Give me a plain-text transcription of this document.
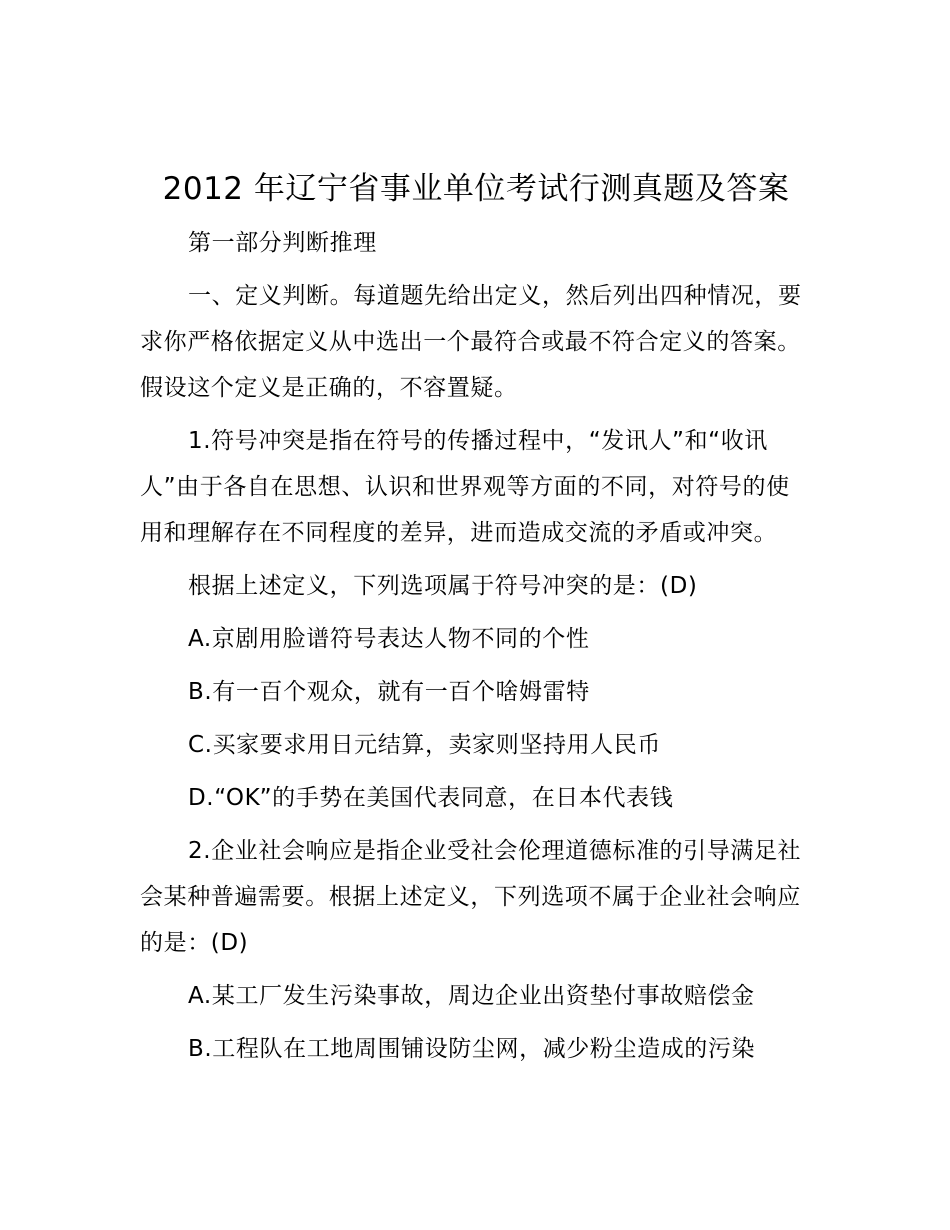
2012 年辽宁省事业单位考试行测真题及答案

第一部分判断推理

一、定义判断。每道题先给出定义，然后列出四种情况，要求你严格依据定义从中选出一个最符合或最不符合定义的答案。假设这个定义是正确的，不容置疑。

1.符号冲突是指在符号的传播过程中，“发讯人”和“收讯人”由于各自在思想、认识和世界观等方面的不同，对符号的使用和理解存在不同程度的差异，进而造成交流的矛盾或冲突。

根据上述定义，下列选项属于符号冲突的是：(D)

A.京剧用脸谱符号表达人物不同的个性

B.有一百个观众，就有一百个啥姆雷特

C.买家要求用日元结算，卖家则坚持用人民币

D.“OK”的手势在美国代表同意，在日本代表钱

2.企业社会响应是指企业受社会伦理道德标准的引导满足社会某种普遍需要。根据上述定义，下列选项不属于企业社会响应的是：(D)

A.某工厂发生污染事故，周边企业出资垫付事故赔偿金

B.工程队在工地周围铺设防尘网，减少粉尘造成的污染
